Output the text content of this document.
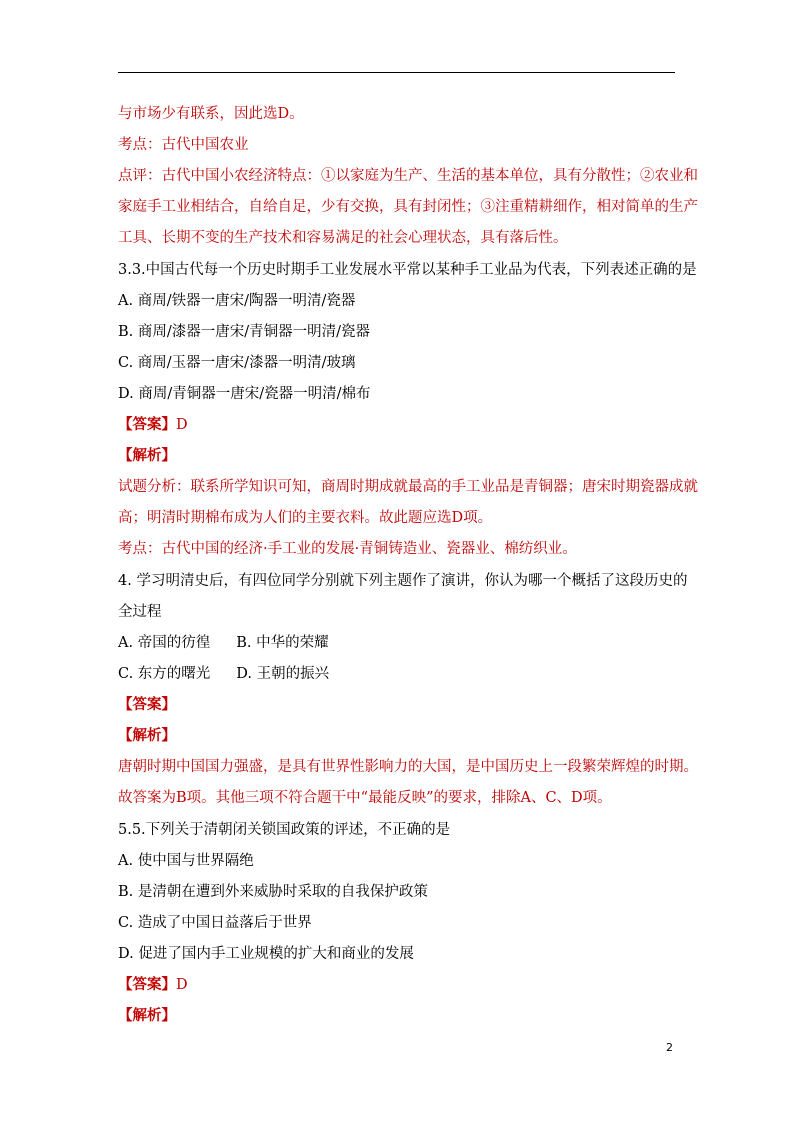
与市场少有联系，因此选D。
考点：古代中国农业
点评：古代中国小农经济特点：①以家庭为生产、生活的基本单位，具有分散性；②农业和
家庭手工业相结合，自给自足，少有交换，具有封闭性；③注重精耕细作，相对简单的生产
工具、长期不变的生产技术和容易满足的社会心理状态，具有落后性。
3.3.中国古代每一个历史时期手工业发展水平常以某种手工业品为代表，下列表述正确的是
A. 商周/铁器一唐宋/陶器一明清/瓷器
B. 商周/漆器一唐宋/青铜器一明清/瓷器
C. 商周/玉器一唐宋/漆器一明清/玻璃
D. 商周/青铜器一唐宋/瓷器一明清/棉布
【答案】D
【解析】
试题分析：联系所学知识可知，商周时期成就最高的手工业品是青铜器；唐宋时期瓷器成就
高；明清时期棉布成为人们的主要衣料。故此题应选D项。
考点：古代中国的经济·手工业的发展·青铜铸造业、瓷器业、棉纺织业。
4. 学习明清史后，有四位同学分别就下列主题作了演讲，你认为哪一个概括了这段历史的
全过程
A. 帝国的彷徨 B. 中华的荣耀
C. 东方的曙光 D. 王朝的振兴
【答案】
【解析】
唐朝时期中国国力强盛，是具有世界性影响力的大国，是中国历史上一段繁荣辉煌的时期。
故答案为B项。其他三项不符合题干中“最能反映”的要求，排除A、C、D项。
5.5.下列关于清朝闭关锁国政策的评述，不正确的是
A. 使中国与世界隔绝
B. 是清朝在遭到外来威胁时采取的自我保护政策
C. 造成了中国日益落后于世界
D. 促进了国内手工业规模的扩大和商业的发展
【答案】D
【解析】
2
